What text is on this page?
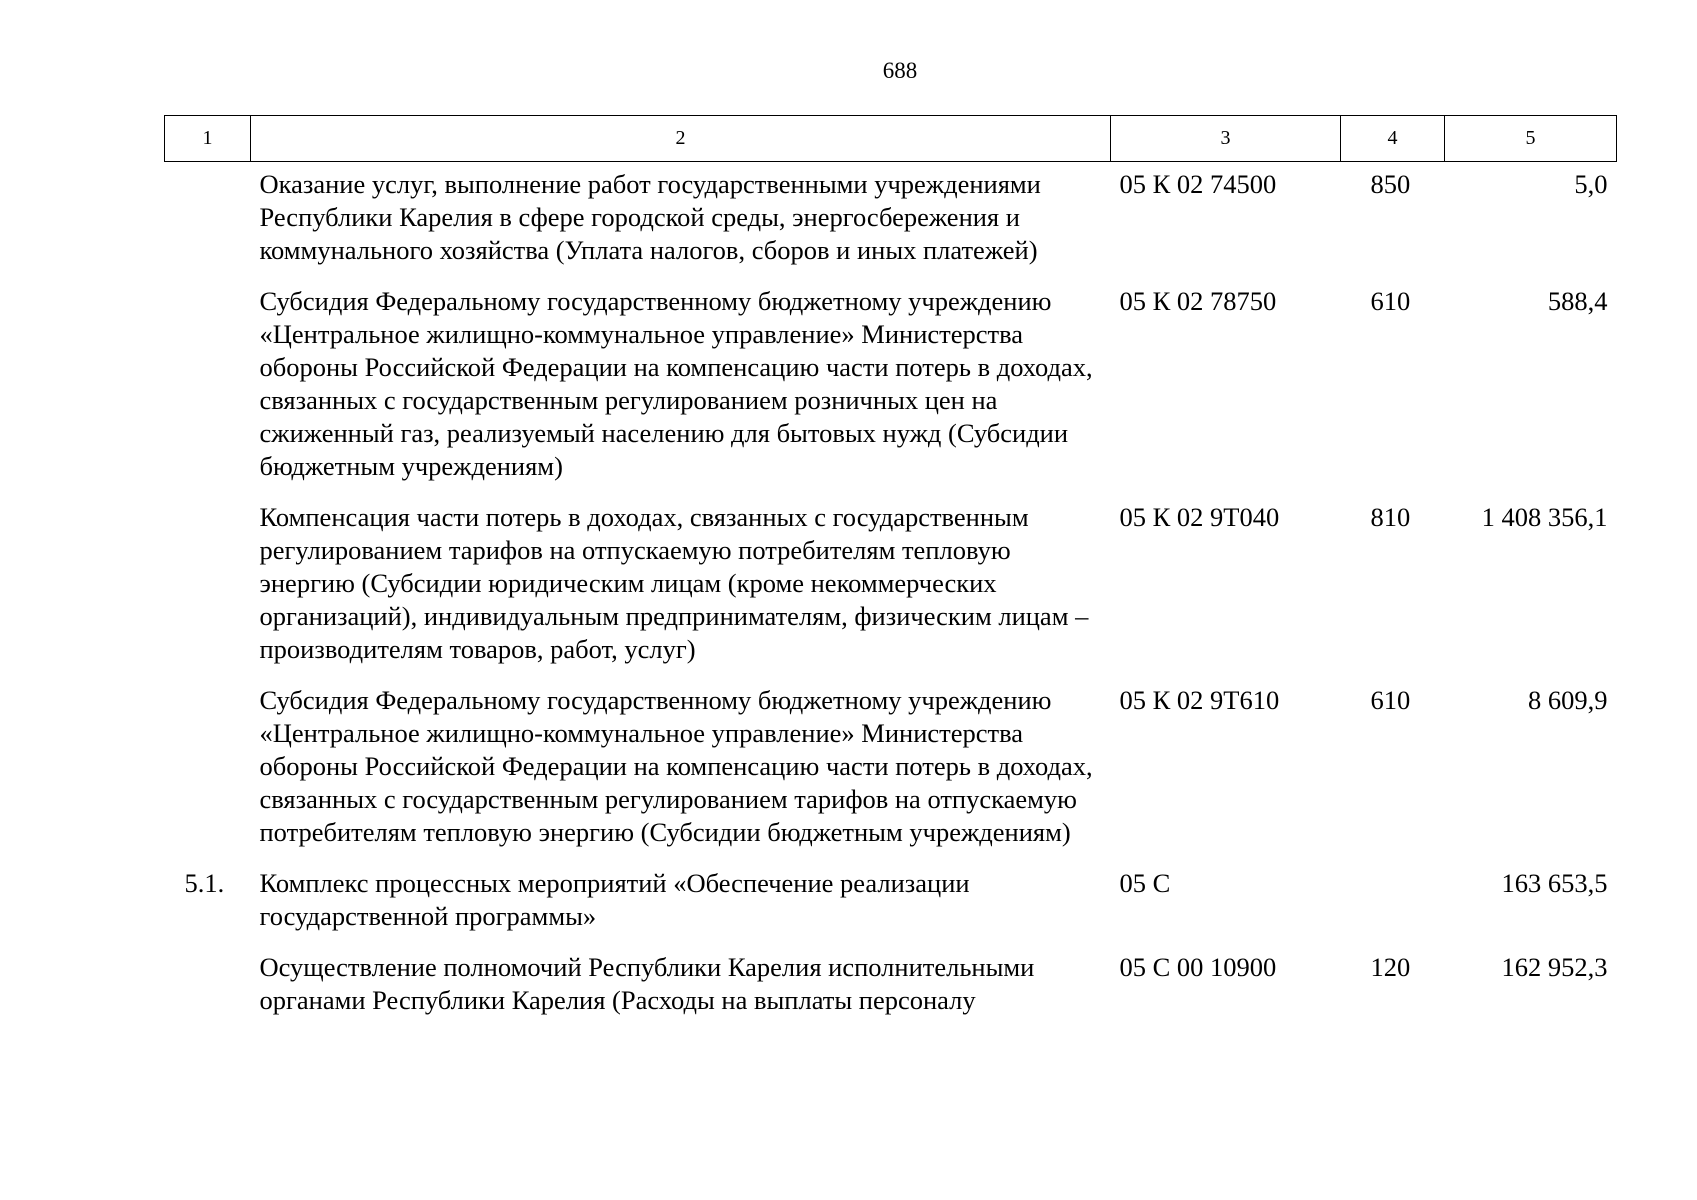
688
1	2	3	4	5
	Оказание услуг, выполнение работ государственными учреждениями Республики Карелия в сфере городской среды, энергосбережения и коммунального хозяйства (Уплата налогов, сборов и иных платежей)	05 К 02 74500	850	5,0
	Субсидия Федеральному государственному бюджетному учреждению «Центральное жилищно-коммунальное управление» Министерства обороны Российской Федерации на компенсацию части потерь в доходах, связанных с государственным регулированием розничных цен на сжиженный газ, реализуемый населению для бытовых нужд (Субсидии бюджетным учреждениям)	05 К 02 78750	610	588,4
	Компенсация части потерь в доходах, связанных с государственным регулированием тарифов на отпускаемую потребителям тепловую энергию (Субсидии юридическим лицам (кроме некоммерческих организаций), индивидуальным предпринимателям, физическим лицам – производителям товаров, работ, услуг)	05 К 02 9Т040	810	1 408 356,1
	Субсидия Федеральному государственному бюджетному учреждению «Центральное жилищно-коммунальное управление» Министерства обороны Российской Федерации на компенсацию части потерь в доходах, связанных с государственным регулированием тарифов на отпускаемую потребителям тепловую энергию (Субсидии бюджетным учреждениям)	05 К 02 9Т610	610	8 609,9
5.1.	Комплекс процессных мероприятий «Обеспечение реализации государственной программы»	05 С		163 653,5
	Осуществление полномочий Республики Карелия исполнительными органами Республики Карелия (Расходы на выплаты персоналу	05 С 00 10900	120	162 952,3
